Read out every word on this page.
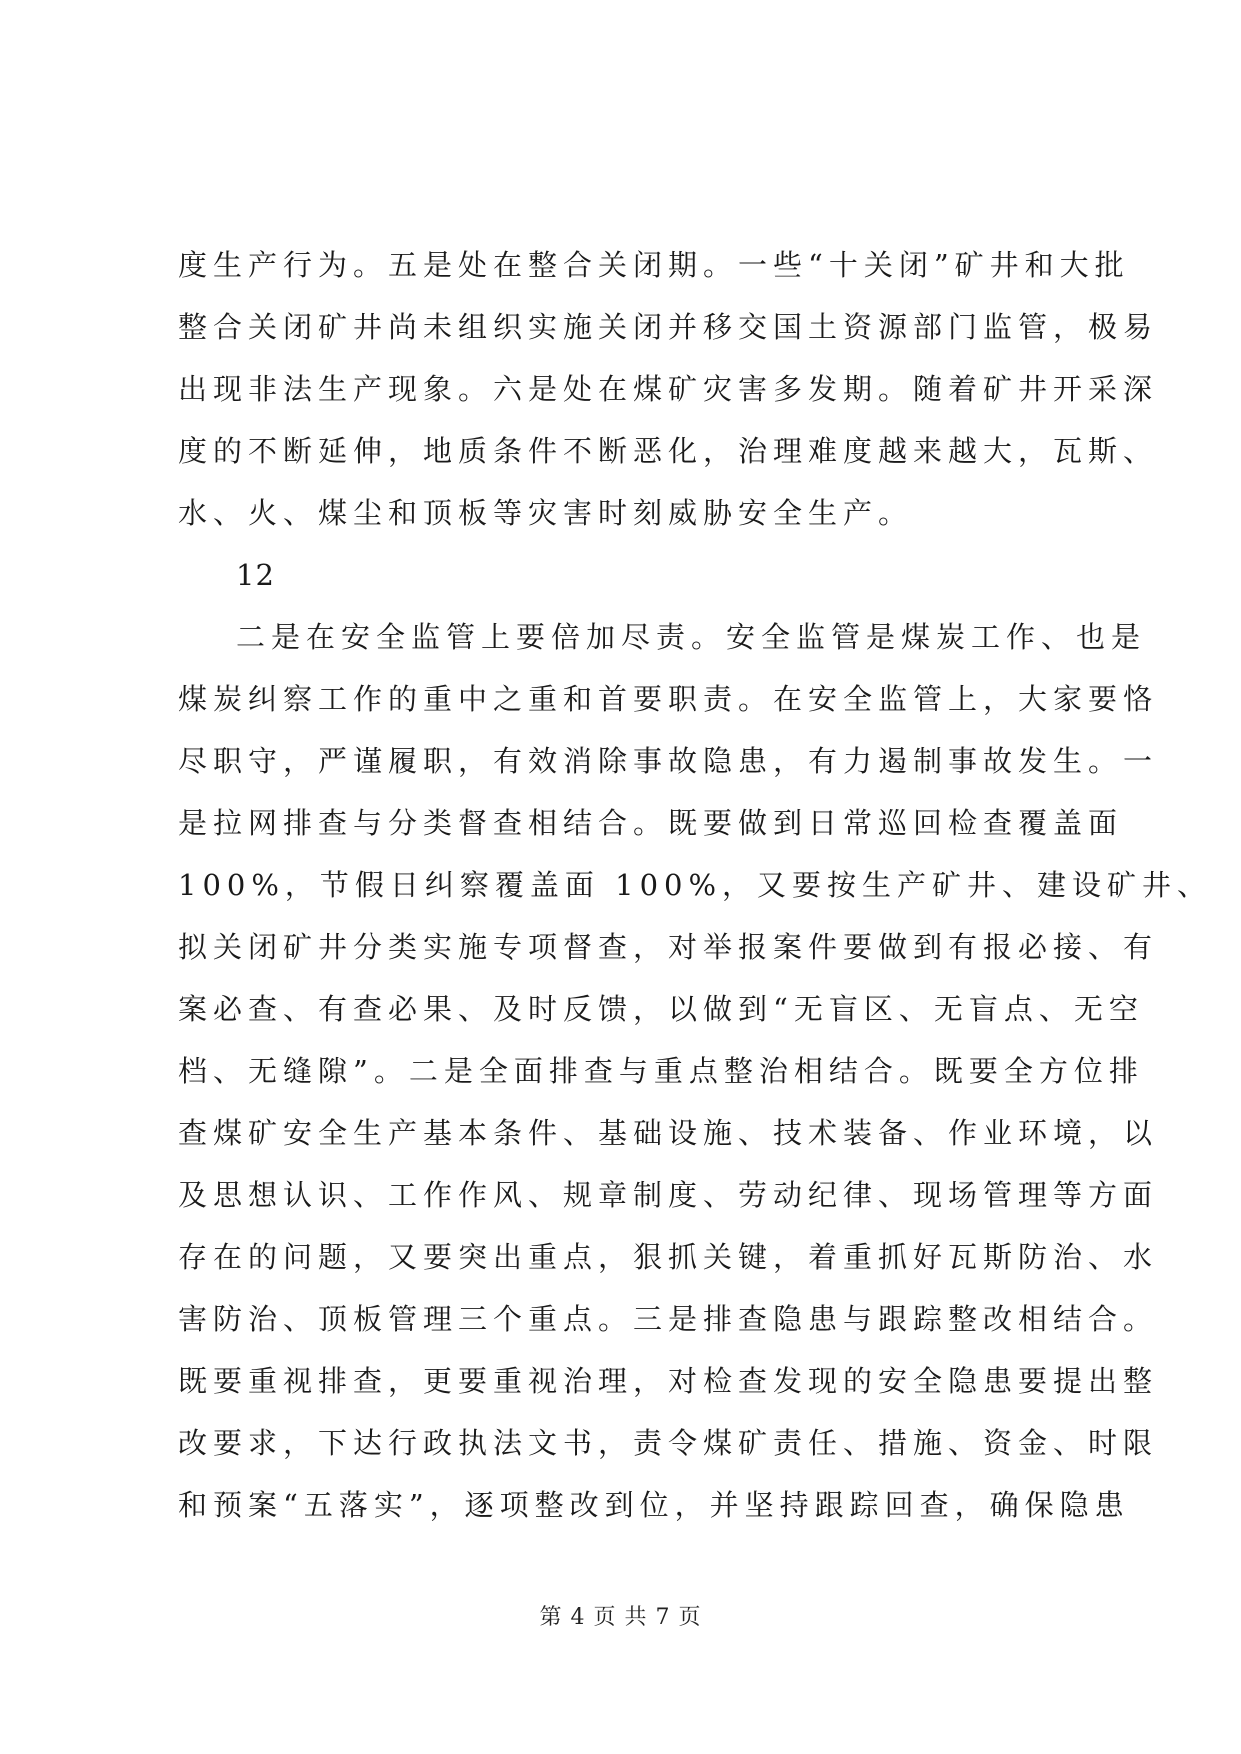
度生产行为。五是处在整合关闭期。一些“十关闭”矿井和大批
整合关闭矿井尚未组织实施关闭并移交国土资源部门监管，极易
出现非法生产现象。六是处在煤矿灾害多发期。随着矿井开采深
度的不断延伸，地质条件不断恶化，治理难度越来越大，瓦斯、
水、火、煤尘和顶板等灾害时刻威胁安全生产。
12
二是在安全监管上要倍加尽责。安全监管是煤炭工作、也是
煤炭纠察工作的重中之重和首要职责。在安全监管上，大家要恪
尽职守，严谨履职，有效消除事故隐患，有力遏制事故发生。一
是拉网排查与分类督查相结合。既要做到日常巡回检查覆盖面
100%，节假日纠察覆盖面 100%，又要按生产矿井、建设矿井、
拟关闭矿井分类实施专项督查，对举报案件要做到有报必接、有
案必查、有查必果、及时反馈，以做到“无盲区、无盲点、无空
档、无缝隙”。二是全面排查与重点整治相结合。既要全方位排
查煤矿安全生产基本条件、基础设施、技术装备、作业环境，以
及思想认识、工作作风、规章制度、劳动纪律、现场管理等方面
存在的问题，又要突出重点，狠抓关键，着重抓好瓦斯防治、水
害防治、顶板管理三个重点。三是排查隐患与跟踪整改相结合。
既要重视排查，更要重视治理，对检查发现的安全隐患要提出整
改要求，下达行政执法文书，责令煤矿责任、措施、资金、时限
和预案“五落实”，逐项整改到位，并坚持跟踪回查，确保隐患
第 4 页 共 7 页
